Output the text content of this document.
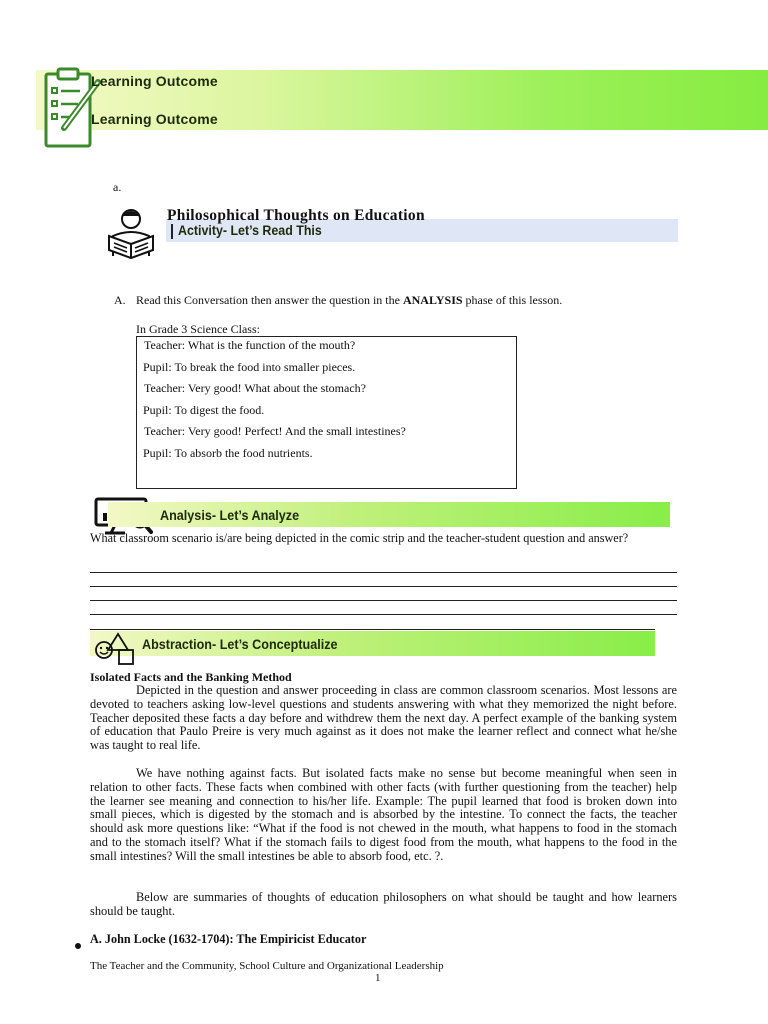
Learning Outcome
Learning Outcome
a.
Philosophical Thoughts on Education
Activity- Let’s Read This
A. Read this Conversation then answer the question in the ANALYSIS phase of this lesson.
In Grade 3 Science Class:
Teacher: What is the function of the mouth?
Pupil: To break the food into smaller pieces.
Teacher: Very good! What about the stomach?
Pupil: To digest the food.
Teacher: Very good! Perfect! And the small intestines?
Pupil: To absorb the food nutrients.
Analysis- Let’s Analyze
What classroom scenario is/are being depicted in the comic strip and the teacher-student question and answer?
Abstraction- Let’s Conceptualize
Isolated Facts and the Banking Method
Depicted in the question and answer proceeding in class are common classroom scenarios. Most lessons are devoted to teachers asking low-level questions and students answering with what they memorized the night before. Teacher deposited these facts a day before and withdrew them the next day. A perfect example of the banking system of education that Paulo Preire is very much against as it does not make the learner reflect and connect what he/she was taught to real life.
We have nothing against facts. But isolated facts make no sense but become meaningful when seen in relation to other facts. These facts when combined with other facts (with further questioning from the teacher) help the learner see meaning and connection to his/her life. Example: The pupil learned that food is broken down into small pieces, which is digested by the stomach and is absorbed by the intestine. To connect the facts, the teacher should ask more questions like: “What if the food is not chewed in the mouth, what happens to food in the stomach and to the stomach itself? What if the stomach fails to digest food from the mouth, what happens to the food in the small intestines? Will the small intestines be able to absorb food, etc. ?.
Below are summaries of thoughts of education philosophers on what should be taught and how learners should be taught.
A. John Locke (1632-1704): The Empiricist Educator
The Teacher and the Community, School Culture and Organizational Leadership
1
